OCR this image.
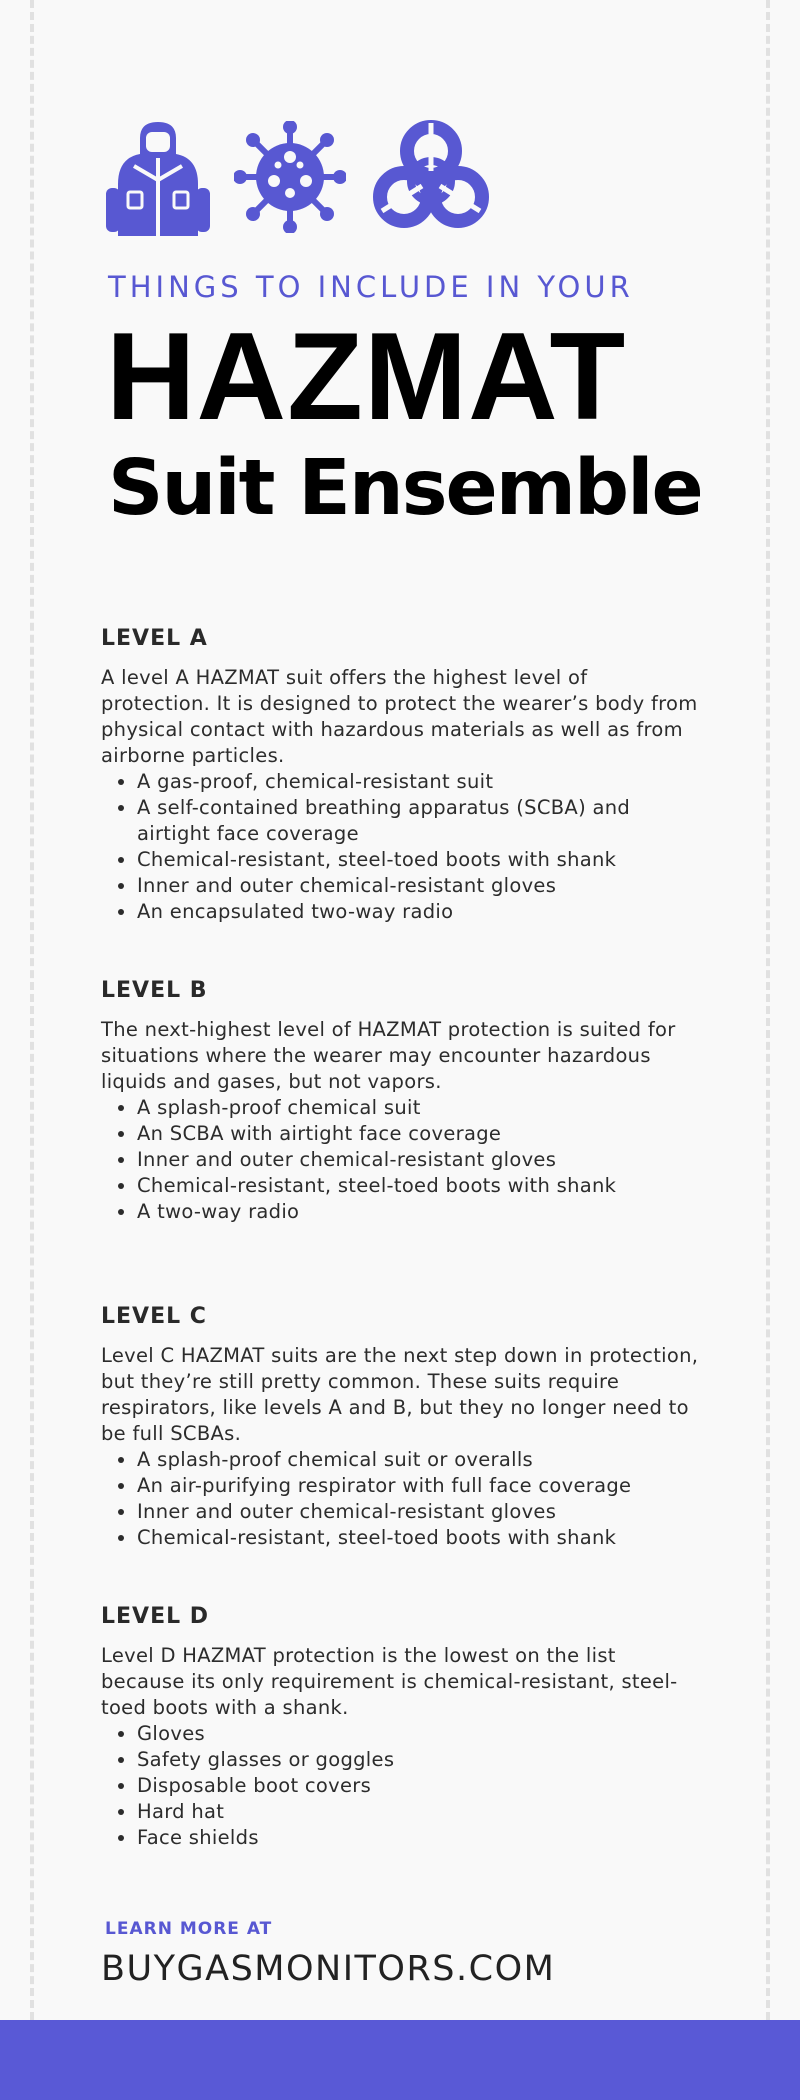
THINGS TO INCLUDE IN YOUR
HAZMAT
Suit Ensemble
LEVEL A

A level A HAZMAT suit offers the highest level of protection. It is designed to protect the wearer’s body from physical contact with hazardous materials as well as from airborne particles.

• A gas-proof, chemical-resistant suit
• A self-contained breathing apparatus (SCBA) and airtight face coverage
• Chemical-resistant, steel-toed boots with shank
• Inner and outer chemical-resistant gloves
• An encapsulated two-way radio
LEVEL B

The next-highest level of HAZMAT protection is suited for situations where the wearer may encounter hazardous liquids and gases, but not vapors.

• A splash-proof chemical suit
• An SCBA with airtight face coverage
• Inner and outer chemical-resistant gloves
• Chemical-resistant, steel-toed boots with shank
• A two-way radio
LEVEL C

Level C HAZMAT suits are the next step down in protection, but they’re still pretty common. These suits require respirators, like levels A and B, but they no longer need to be full SCBAs.

• A splash-proof chemical suit or overalls
• An air-purifying respirator with full face coverage
• Inner and outer chemical-resistant gloves
• Chemical-resistant, steel-toed boots with shank
LEVEL D

Level D HAZMAT protection is the lowest on the list because its only requirement is chemical-resistant, steel-toed boots with a shank.

• Gloves
• Safety glasses or goggles
• Disposable boot covers
• Hard hat
• Face shields
LEARN MORE AT
BUYGASMONITORS.COM
